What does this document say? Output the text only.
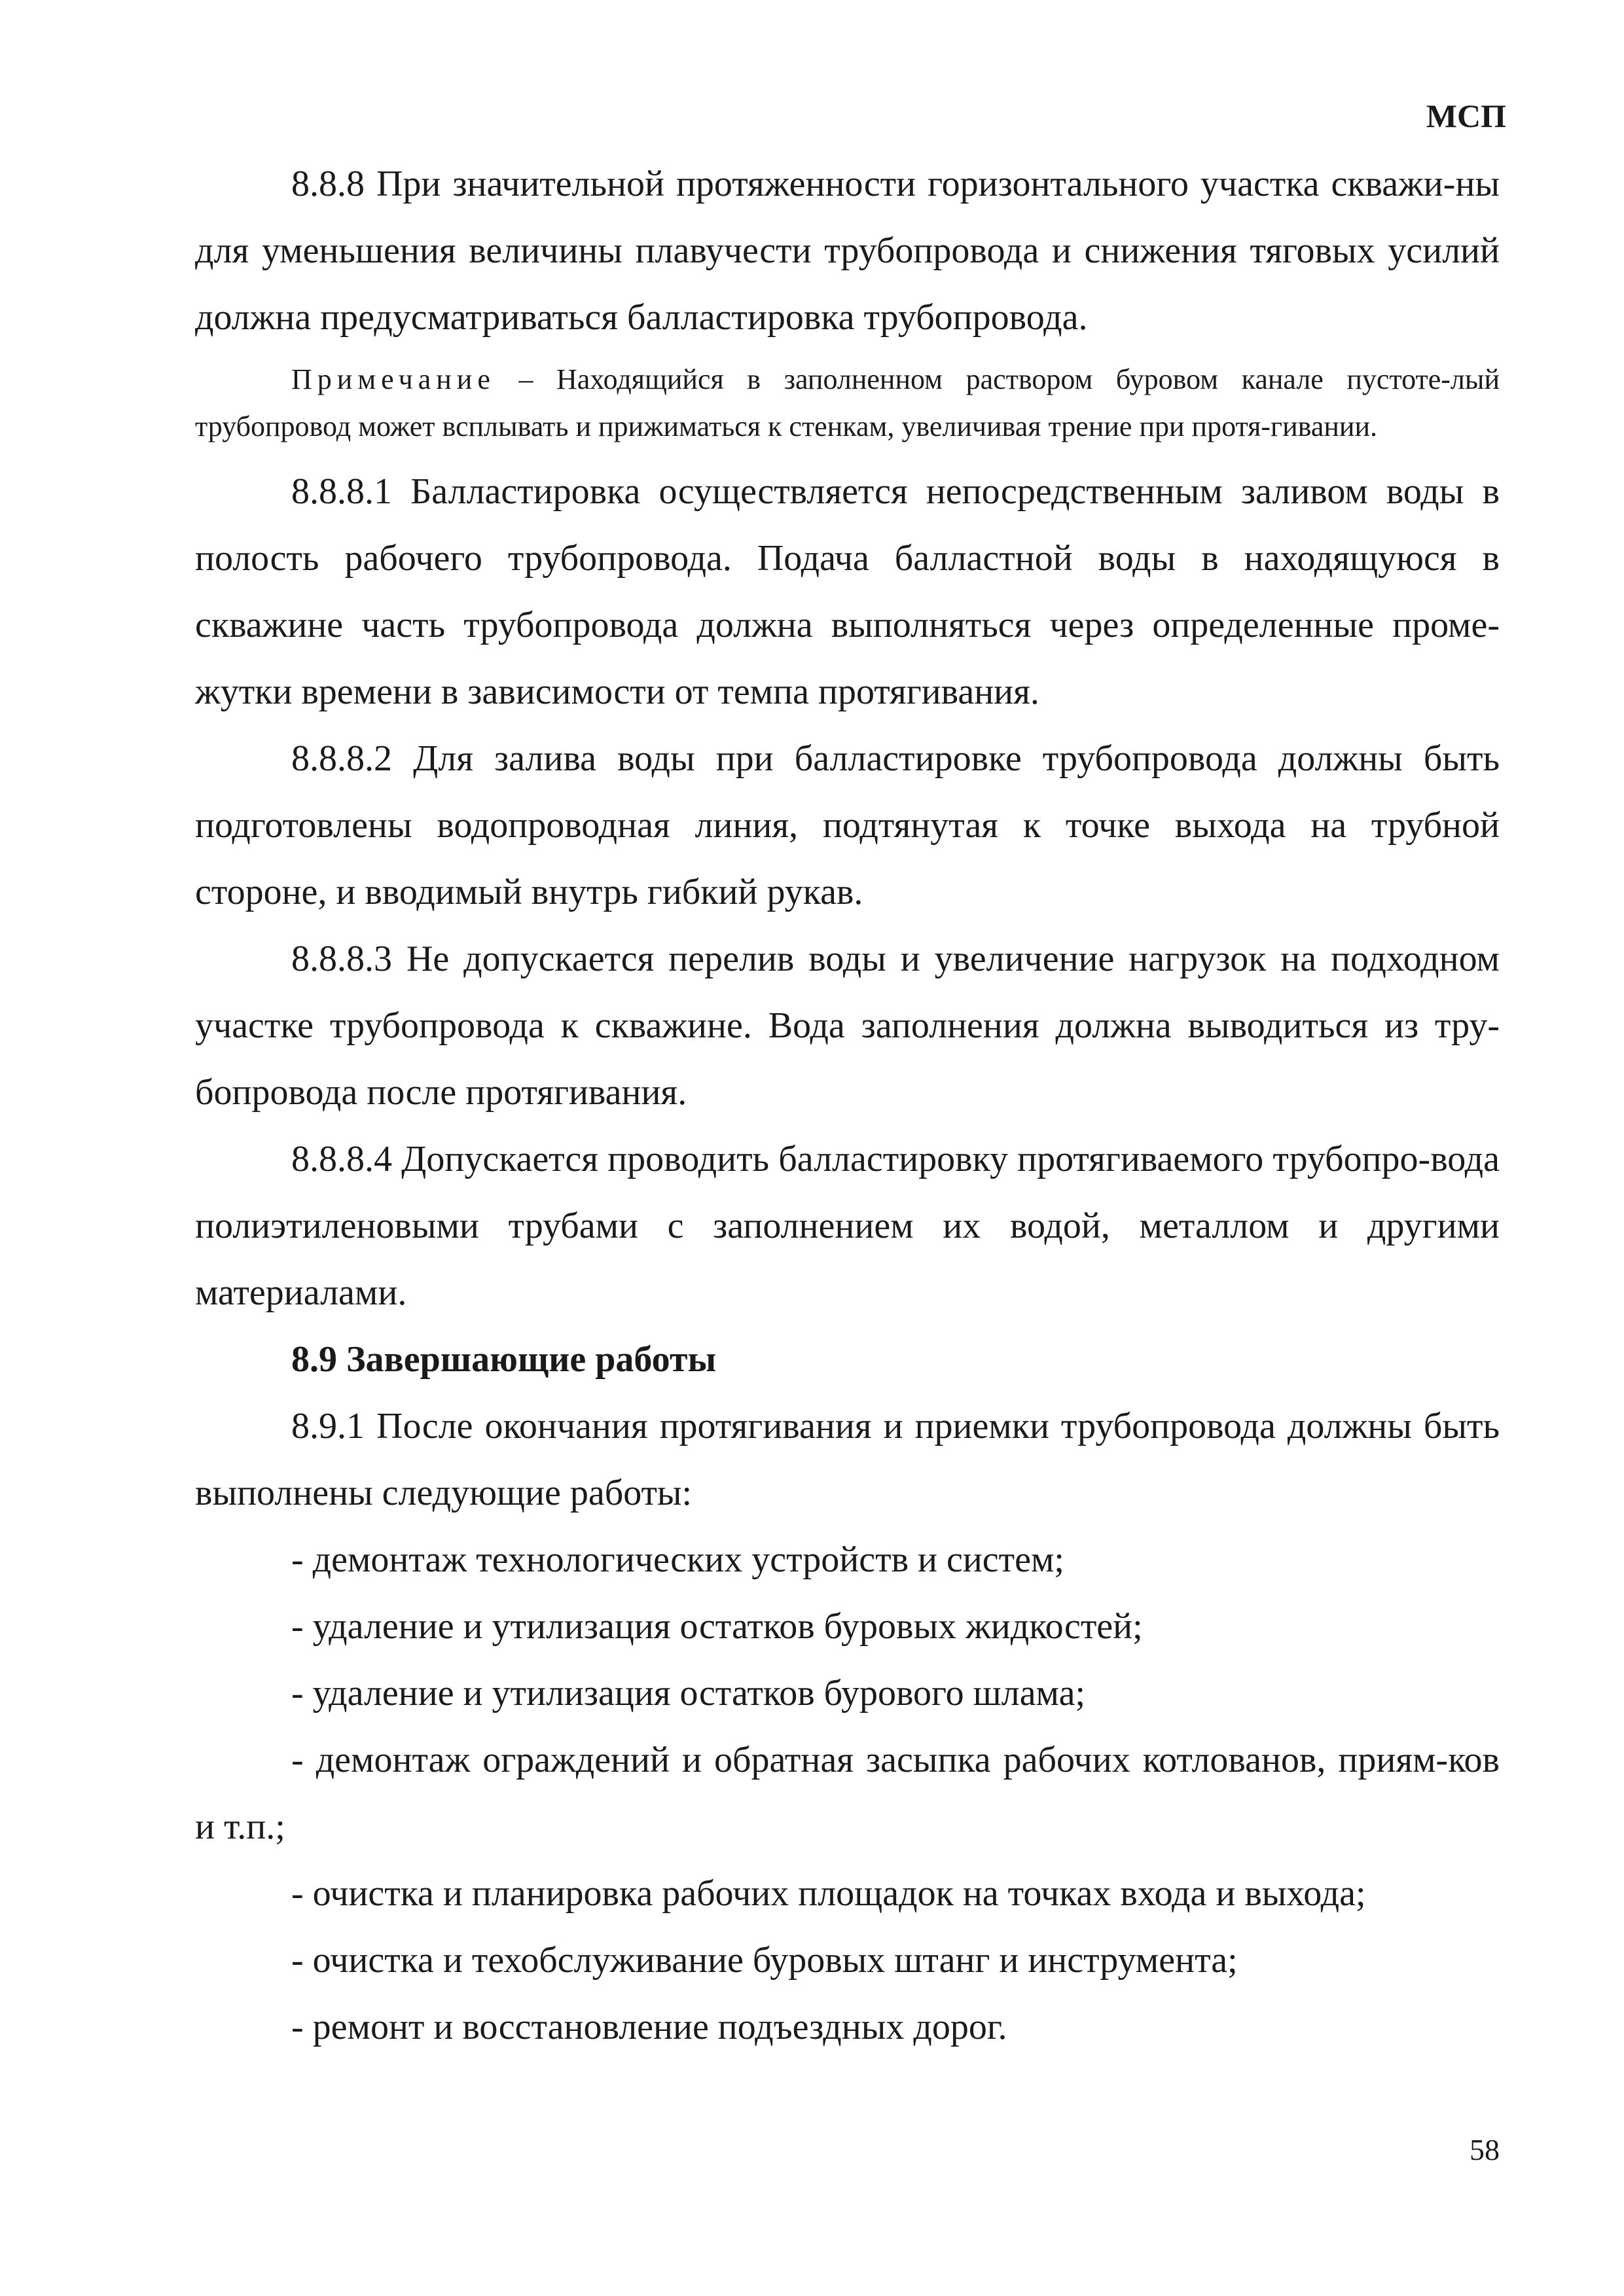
МСП

8.8.8 При значительной протяженности горизонтального участка скважи-ны для уменьшения величины плавучести трубопровода и снижения тяговых усилий должна предусматриваться балластировка трубопровода.

Примечание – Находящийся в заполненном раствором буровом канале пустоте-лый трубопровод может всплывать и прижиматься к стенкам, увеличивая трение при протя-гивании.

8.8.8.1 Балластировка осуществляется непосредственным заливом воды в полость рабочего трубопровода. Подача балластной воды в находящуюся в скважине часть трубопровода должна выполняться через определенные проме-жутки времени в зависимости от темпа протягивания.

8.8.8.2 Для залива воды при балластировке трубопровода должны быть подготовлены водопроводная линия, подтянутая к точке выхода на трубной стороне, и вводимый внутрь гибкий рукав.

8.8.8.3 Не допускается перелив воды и увеличение нагрузок на подходном участке трубопровода к скважине. Вода заполнения должна выводиться из тру-бопровода после протягивания.

8.8.8.4 Допускается проводить балластировку протягиваемого трубопро-вода полиэтиленовыми трубами с заполнением их водой, металлом и другими материалами.

8.9 Завершающие работы

8.9.1 После окончания протягивания и приемки трубопровода должны быть выполнены следующие работы:

- демонтаж технологических устройств и систем;

- удаление и утилизация остатков буровых жидкостей;

- удаление и утилизация остатков бурового шлама;

- демонтаж ограждений и обратная засыпка рабочих котлованов, приям-ков и т.п.;

- очистка и планировка рабочих площадок на точках входа и выхода;

- очистка и техобслуживание буровых штанг и инструмента;

- ремонт и восстановление подъездных дорог.

58
